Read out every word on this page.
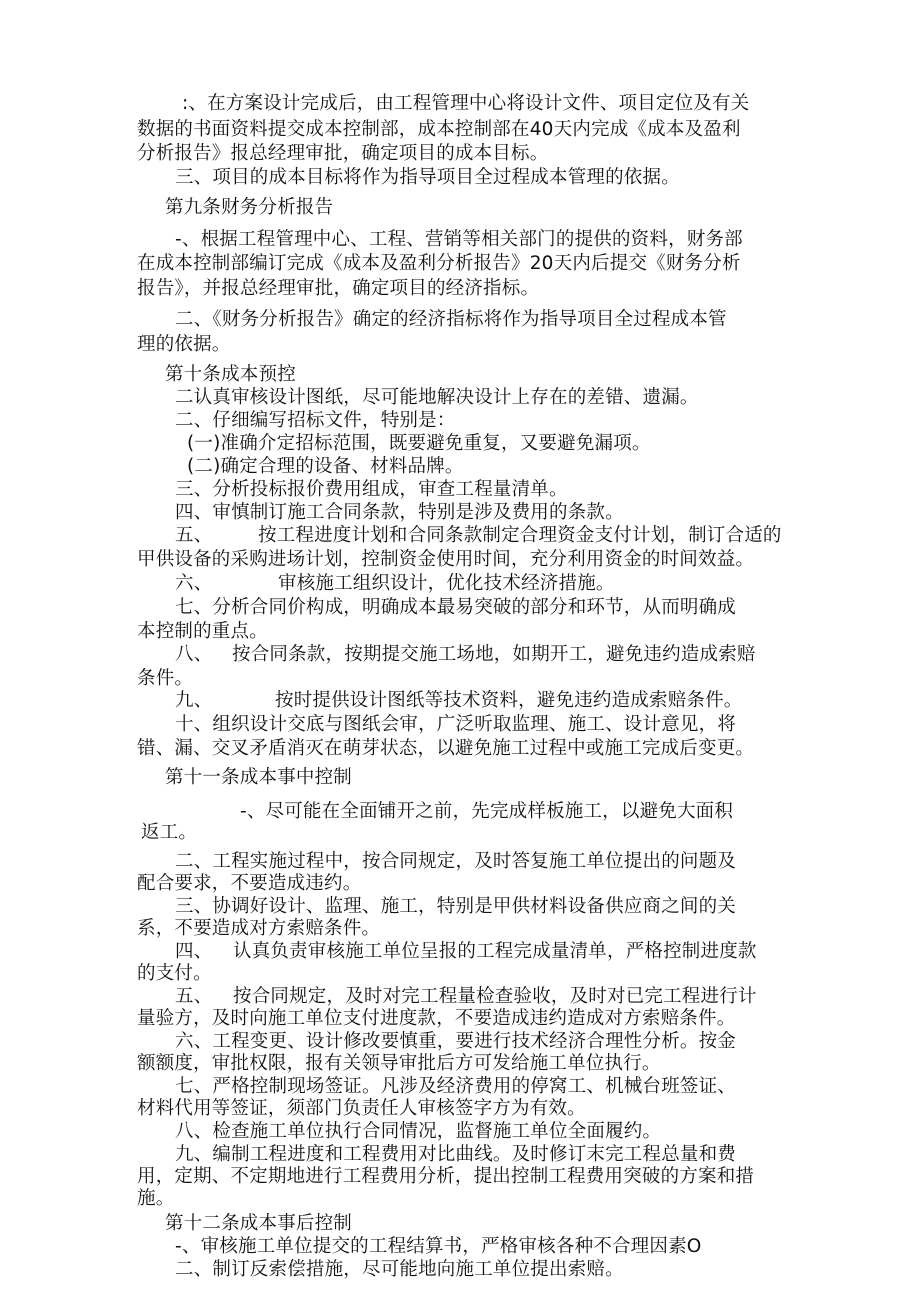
:、在方案设计完成后，由工程管理中心将设计文件、项目定位及有关
数据的书面资料提交成本控制部，成本控制部在40天内完成《成本及盈利
分析报告》报总经理审批，确定项目的成本目标。
三、项目的成本目标将作为指导项目全过程成本管理的依据。
第九条财务分析报告
-、根据工程管理中心、工程、营销等相关部门的提供的资料，财务部
在成本控制部编订完成《成本及盈利分析报告》20天内后提交《财务分析
报告》，并报总经理审批，确定项目的经济指标。
二、《财务分析报告》确定的经济指标将作为指导项目全过程成本管
理的依据。
第十条成本预控
二认真审核设计图纸，尽可能地解决设计上存在的差错、遗漏。
二、仔细编写招标文件，特别是：
(一)准确介定招标范围，既要避免重复，又要避免漏项。
(二)确定合理的设备、材料品牌。
三、分析投标报价费用组成，审查工程量清单。
四、审慎制订施工合同条款，特别是涉及费用的条款。
五、 按工程进度计划和合同条款制定合理资金支付计划，制订合适的
甲供设备的采购进场计划，控制资金使用时间，充分利用资金的时间效益。
六、	审核施工组织设计，优化技术经济措施。
七、分析合同价构成，明确成本最易突破的部分和环节，从而明确成
本控制的重点。
八、 按合同条款，按期提交施工场地，如期开工，避免违约造成索赔
条件。
九、	按时提供设计图纸等技术资料，避免违约造成索赔条件。
十、组织设计交底与图纸会审，广泛听取监理、施工、设计意见，将
错、漏、交叉矛盾消灭在萌芽状态，以避免施工过程中或施工完成后变更。
第十一条成本事中控制
-、尽可能在全面铺开之前，先完成样板施工，以避免大面积
返工。
二、工程实施过程中，按合同规定，及时答复施工单位提出的问题及
配合要求，不要造成违约。
三、协调好设计、监理、施工，特别是甲供材料设备供应商之间的关
系，不要造成对方索赔条件。
四、 认真负责审核施工单位呈报的工程完成量清单，严格控制进度款
的支付。
五、 按合同规定，及时对完工程量检查验收，及时对已完工程进行计
量验方，及时向施工单位支付进度款，不要造成违约造成对方索赔条件。
六、工程变更、设计修改要慎重，要进行技术经济合理性分析。按金
额额度，审批权限，报有关领导审批后方可发给施工单位执行。
七、严格控制现场签证。凡涉及经济费用的停窝工、机械台班签证、
材料代用等签证，须部门负责任人审核签字方为有效。
八、检查施工单位执行合同情况，监督施工单位全面履约。
九、编制工程进度和工程费用对比曲线。及时修订末完工程总量和费
用，定期、不定期地进行工程费用分析，提出控制工程费用突破的方案和措
施。
第十二条成本事后控制
-、审核施工单位提交的工程结算书，严格审核各种不合理因素O
二、制订反索偿措施，尽可能地向施工单位提出索赔。
